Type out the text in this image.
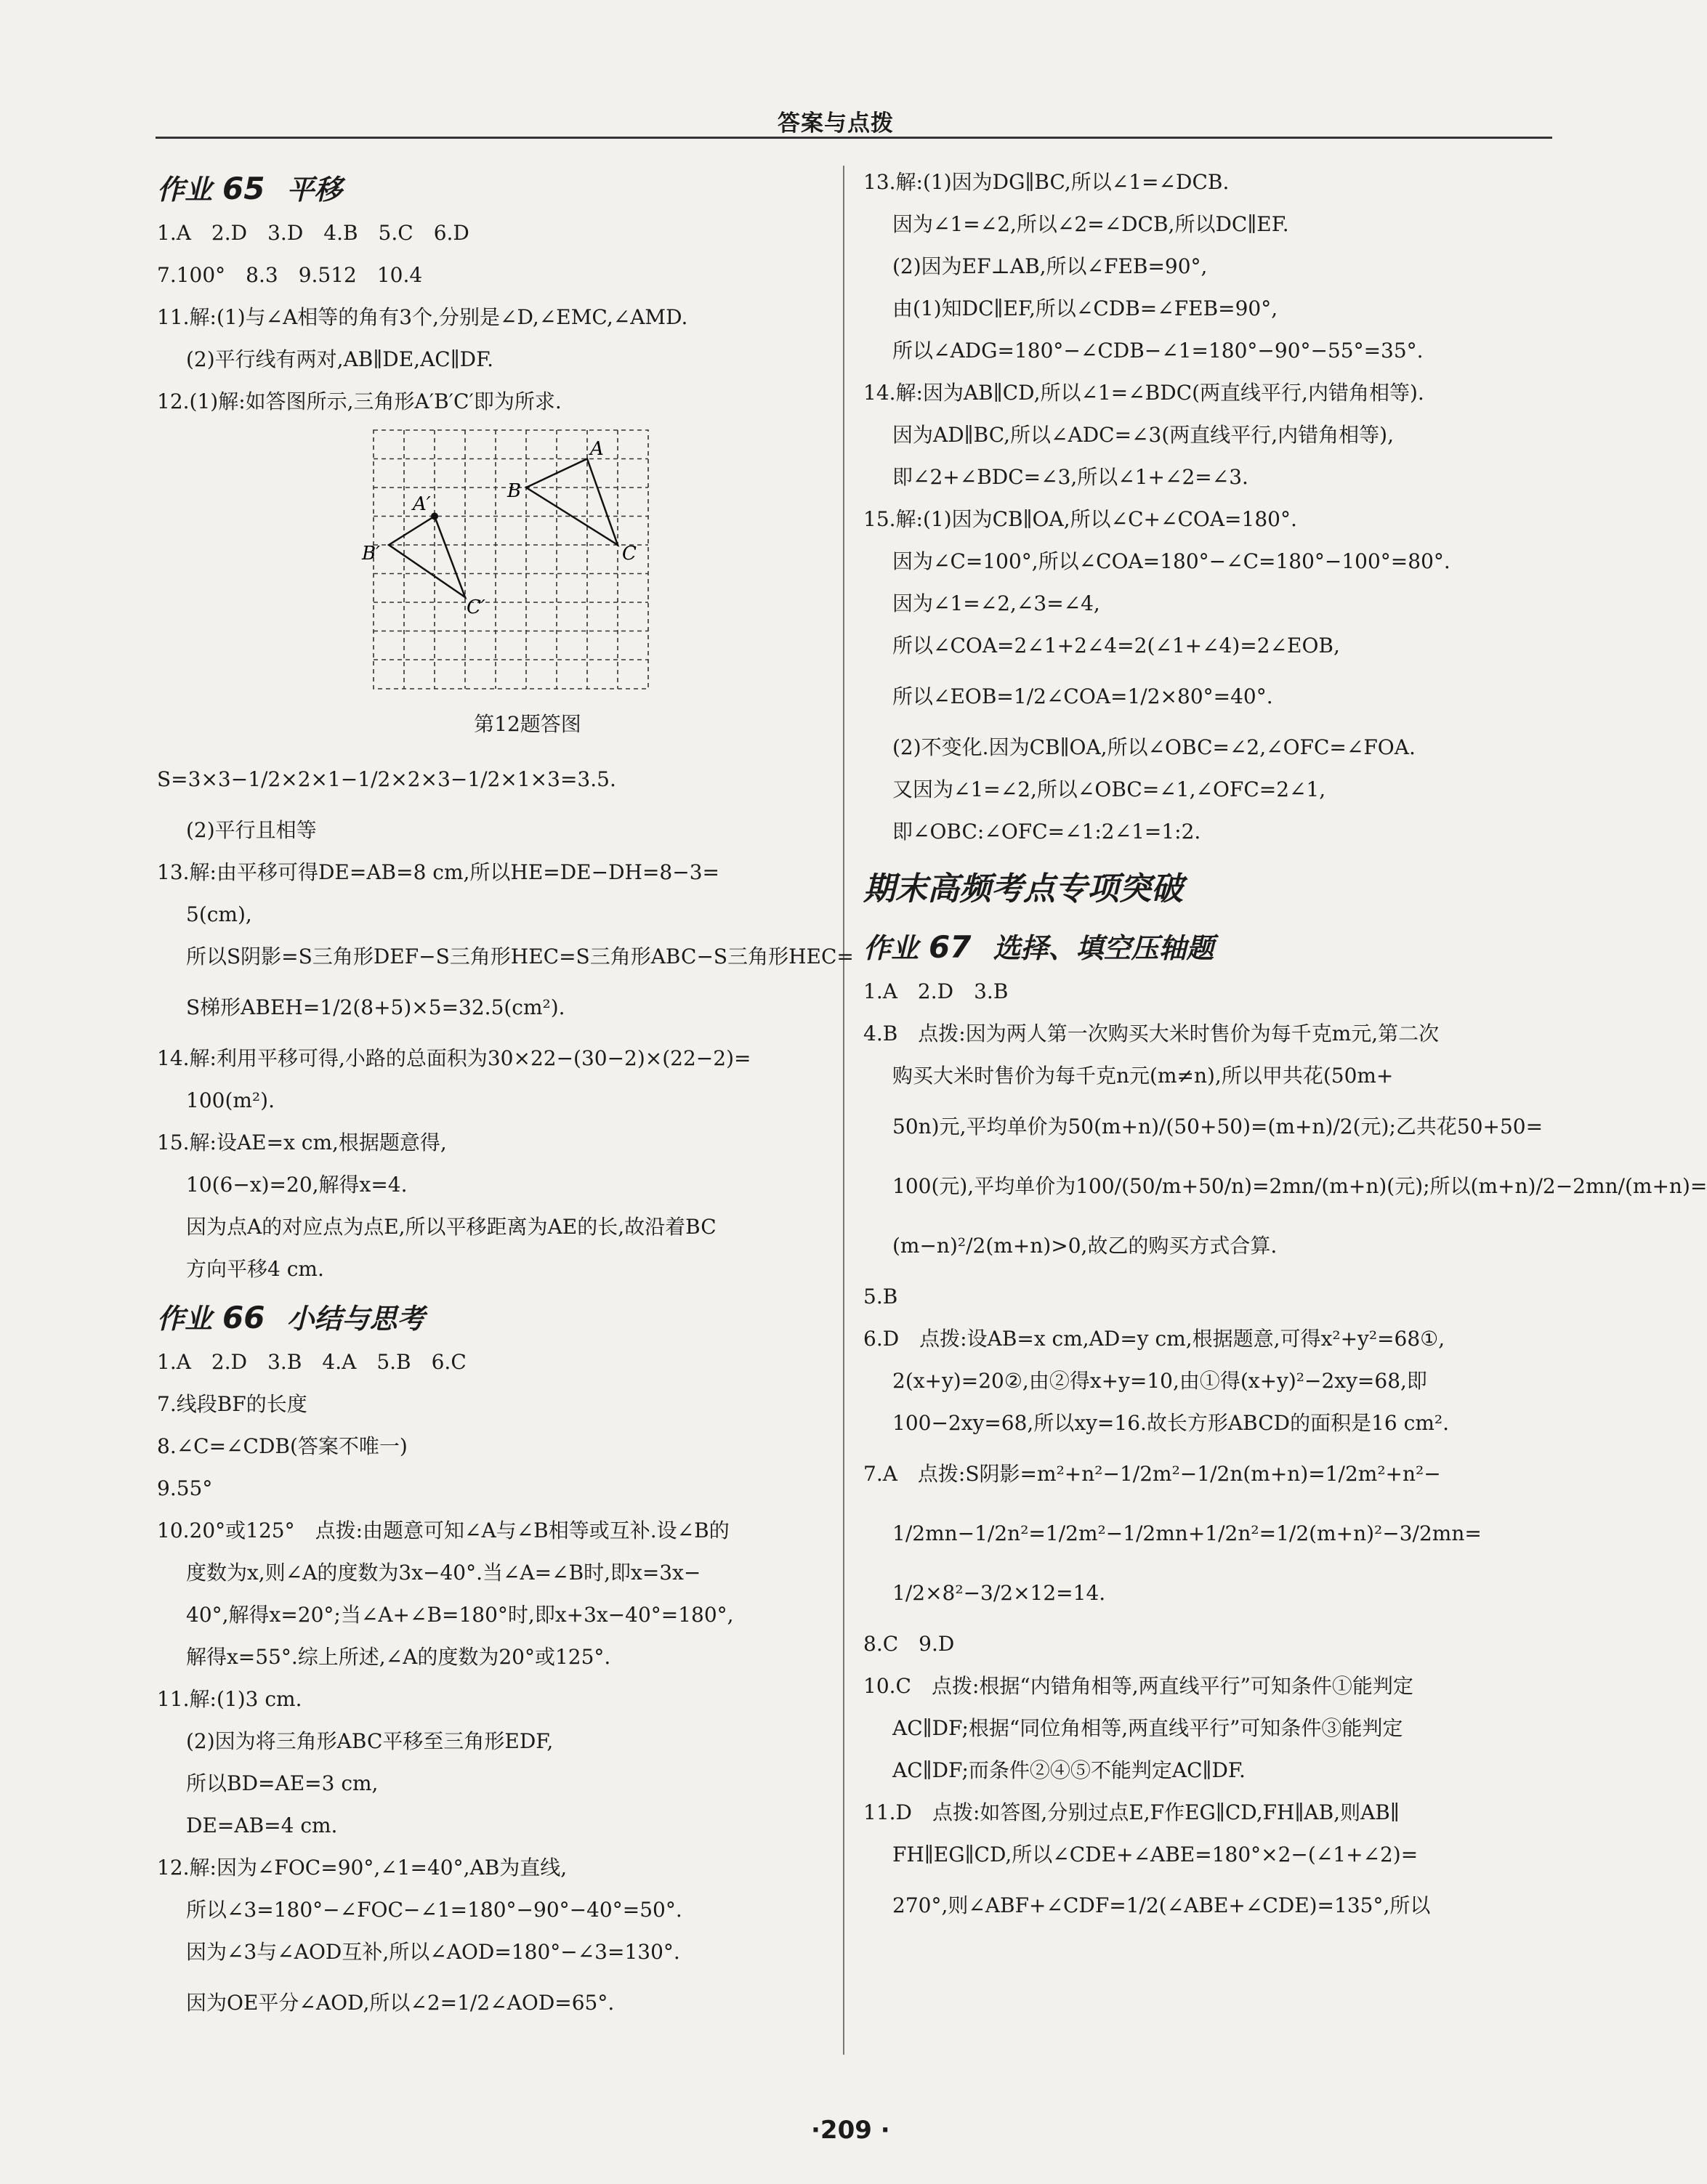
答案与点拨
作业 65 平移
1.A　2.D　3.D　4.B　5.C　6.D
7.100°　8.3　9.512　10.4
11.解:(1)与∠A相等的角有3个,分别是∠D,∠EMC,∠AMD.
(2)平行线有两对,AB∥DE,AC∥DF.
12.(1)解:如答图所示,三角形A′B′C′即为所求.
A
B
C
A′
B′
C′
第12题答图
S=3×3−1/2×2×1−1/2×2×3−1/2×1×3=3.5.
(2)平行且相等
13.解:由平移可得DE=AB=8 cm,所以HE=DE−DH=8−3=
5(cm),
所以S阴影=S三角形DEF−S三角形HEC=S三角形ABC−S三角形HEC=
S梯形ABEH=1/2(8+5)×5=32.5(cm²).
14.解:利用平移可得,小路的总面积为30×22−(30−2)×(22−2)=
100(m²).
15.解:设AE=x cm,根据题意得,
10(6−x)=20,解得x=4.
因为点A的对应点为点E,所以平移距离为AE的长,故沿着BC
方向平移4 cm.
作业 66 小结与思考
1.A　2.D　3.B　4.A　5.B　6.C
7.线段BF的长度
8.∠C=∠CDB(答案不唯一)
9.55°
10.20°或125°　点拨:由题意可知∠A与∠B相等或互补.设∠B的
度数为x,则∠A的度数为3x−40°.当∠A=∠B时,即x=3x−
40°,解得x=20°;当∠A+∠B=180°时,即x+3x−40°=180°,
解得x=55°.综上所述,∠A的度数为20°或125°.
11.解:(1)3 cm.
(2)因为将三角形ABC平移至三角形EDF,
所以BD=AE=3 cm,
DE=AB=4 cm.
12.解:因为∠FOC=90°,∠1=40°,AB为直线,
所以∠3=180°−∠FOC−∠1=180°−90°−40°=50°.
因为∠3与∠AOD互补,所以∠AOD=180°−∠3=130°.
因为OE平分∠AOD,所以∠2=1/2∠AOD=65°.
13.解:(1)因为DG∥BC,所以∠1=∠DCB.
因为∠1=∠2,所以∠2=∠DCB,所以DC∥EF.
(2)因为EF⊥AB,所以∠FEB=90°,
由(1)知DC∥EF,所以∠CDB=∠FEB=90°,
所以∠ADG=180°−∠CDB−∠1=180°−90°−55°=35°.
14.解:因为AB∥CD,所以∠1=∠BDC(两直线平行,内错角相等).
因为AD∥BC,所以∠ADC=∠3(两直线平行,内错角相等),
即∠2+∠BDC=∠3,所以∠1+∠2=∠3.
15.解:(1)因为CB∥OA,所以∠C+∠COA=180°.
因为∠C=100°,所以∠COA=180°−∠C=180°−100°=80°.
因为∠1=∠2,∠3=∠4,
所以∠COA=2∠1+2∠4=2(∠1+∠4)=2∠EOB,
所以∠EOB=1/2∠COA=1/2×80°=40°.
(2)不变化.因为CB∥OA,所以∠OBC=∠2,∠OFC=∠FOA.
又因为∠1=∠2,所以∠OBC=∠1,∠OFC=2∠1,
即∠OBC:∠OFC=∠1:2∠1=1:2.
期末高频考点专项突破
作业 67 选择、填空压轴题
1.A　2.D　3.B
4.B　点拨:因为两人第一次购买大米时售价为每千克m元,第二次
购买大米时售价为每千克n元(m≠n),所以甲共花(50m+
50n)元,平均单价为50(m+n)/(50+50)=(m+n)/2(元);乙共花50+50=
100(元),平均单价为100/(50/m+50/n)=2mn/(m+n)(元);所以(m+n)/2−2mn/(m+n)=
(m−n)²/2(m+n)>0,故乙的购买方式合算.
5.B
6.D　点拨:设AB=x cm,AD=y cm,根据题意,可得x²+y²=68①,
2(x+y)=20②,由②得x+y=10,由①得(x+y)²−2xy=68,即
100−2xy=68,所以xy=16.故长方形ABCD的面积是16 cm².
7.A　点拨:S阴影=m²+n²−1/2m²−1/2n(m+n)=1/2m²+n²−
1/2mn−1/2n²=1/2m²−1/2mn+1/2n²=1/2(m+n)²−3/2mn=
1/2×8²−3/2×12=14.
8.C　9.D
10.C　点拨:根据“内错角相等,两直线平行”可知条件①能判定
AC∥DF;根据“同位角相等,两直线平行”可知条件③能判定
AC∥DF;而条件②④⑤不能判定AC∥DF.
11.D　点拨:如答图,分别过点E,F作EG∥CD,FH∥AB,则AB∥
FH∥EG∥CD,所以∠CDE+∠ABE=180°×2−(∠1+∠2)=
270°,则∠ABF+∠CDF=1/2(∠ABE+∠CDE)=135°,所以
·209 ·
